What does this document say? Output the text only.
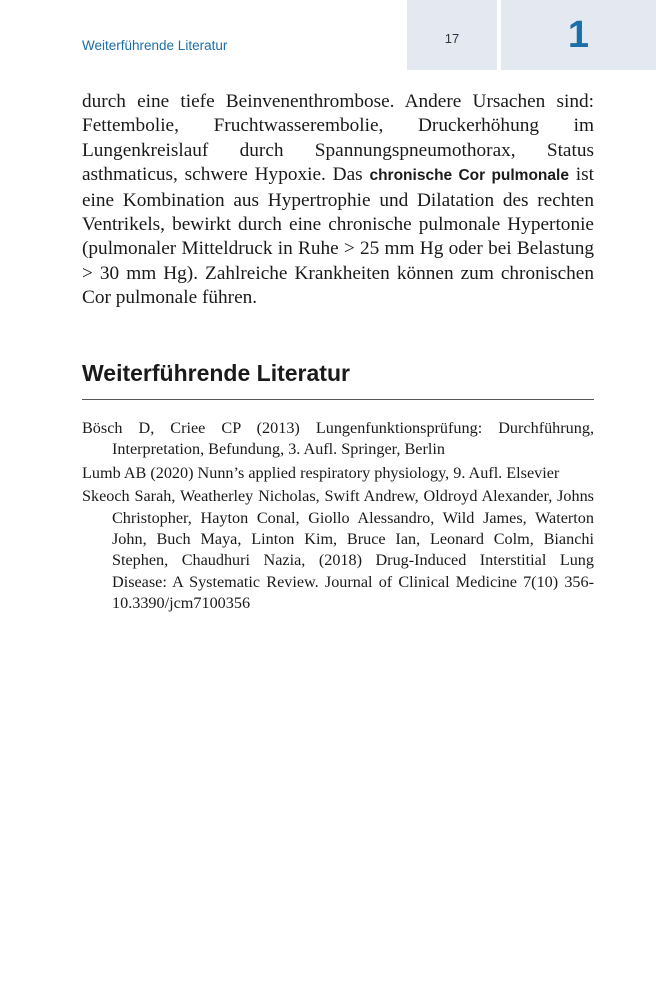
Weiterführende Literatur	17	1

durch eine tiefe Beinvenenthrombose. Andere Ursachen sind: Fettembolie, Fruchtwasserembolie, Druckerhöhung im Lungenkreislauf durch Spannungspneumothorax, Status asthmaticus, schwere Hypoxie. Das chronische Cor pulmonale ist eine Kombination aus Hypertrophie und Dilatation des rechten Ventrikels, bewirkt durch eine chronische pulmonale Hypertonie (pulmonaler Mitteldruck in Ruhe > 25 mm Hg oder bei Belastung > 30 mm Hg). Zahlreiche Krankheiten können zum chronischen Cor pulmonale führen.

Weiterführende Literatur
Bösch D, Criee CP (2013) Lungenfunktionsprüfung: Durchführung, Interpretation, Befundung, 3. Aufl. Springer, Berlin
Lumb AB (2020) Nunn’s applied respiratory physiology, 9. Aufl. Elsevier
Skeoch Sarah, Weatherley Nicholas, Swift Andrew, Oldroyd Alexander, Johns Christopher, Hayton Conal, Giollo Alessandro, Wild James, Waterton John, Buch Maya, Linton Kim, Bruce Ian, Leonard Colm, Bianchi Stephen, Chaudhuri Nazia, (2018) Drug-Induced Interstitial Lung Disease: A Systematic Review. Journal of Clinical Medicine 7(10) 356-10.3390/jcm7100356
